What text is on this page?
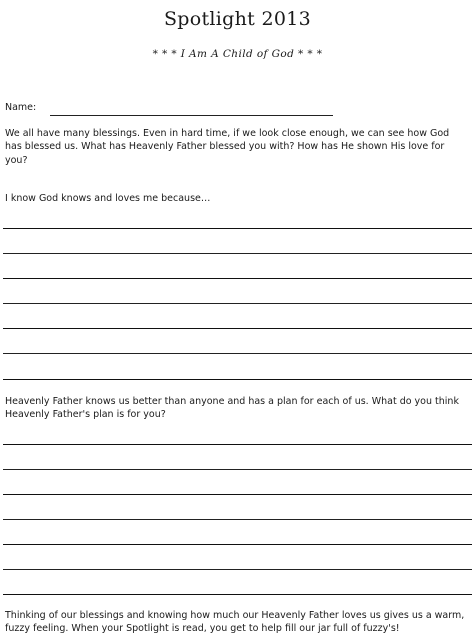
Spotlight 2013
* * * I Am A Child of God * * *
Name:
We all have many blessings. Even in hard time, if we look close enough, we can see how God has blessed us. What has Heavenly Father blessed you with? How has He shown His love for you?
I know God knows and loves me because…
Heavenly Father knows us better than anyone and has a plan for each of us. What do you think Heavenly Father's plan is for you?
Thinking of our blessings and knowing how much our Heavenly Father loves us gives us a warm, fuzzy feeling. When your Spotlight is read, you get to help fill our jar full of fuzzy's!
